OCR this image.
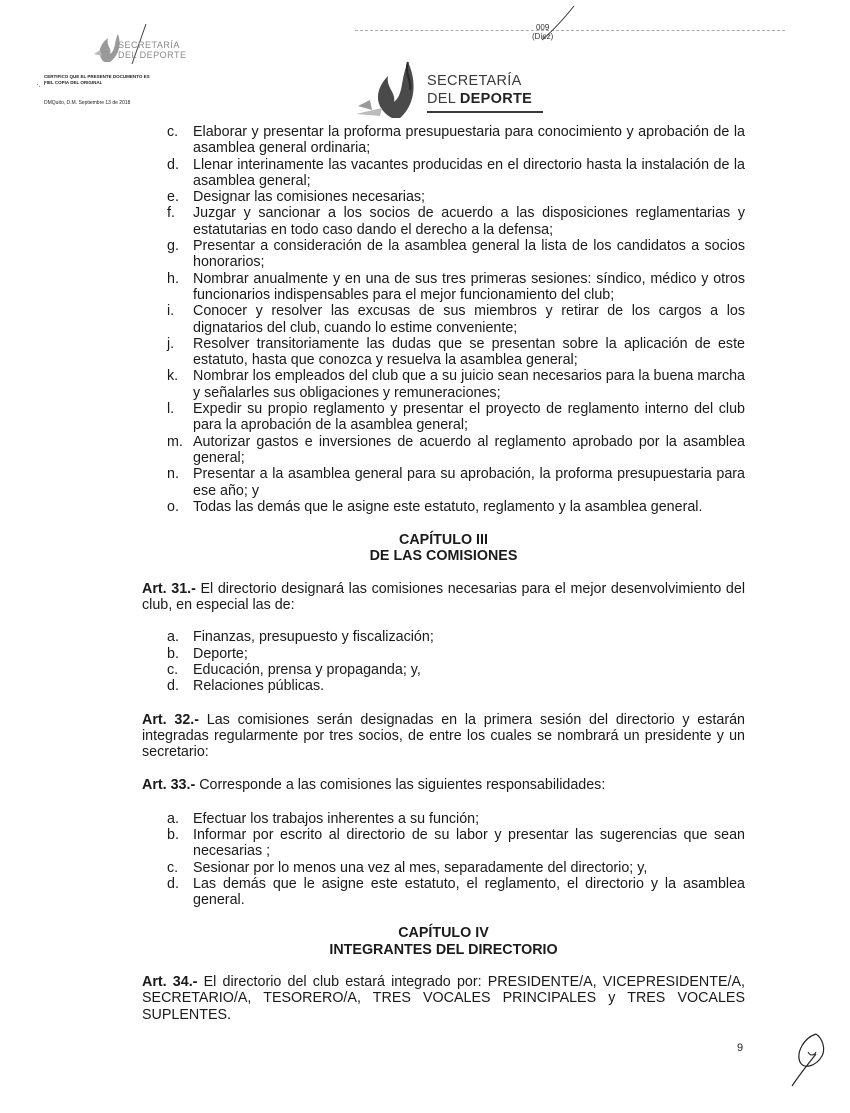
SECRETARÍA
DEL DEPORTE
CERTIFICO QUE EL PRESENTE DOCUMENTO ES FIEL COPIA DEL ORIGINAL
DMQuito, D.M. Septiembre 13 de 2018
·. ·
009
(Diez)
SECRETARÍA
DEL DEPORTE
c. Elaborar y presentar la proforma presupuestaria para conocimiento y aprobación de la asamblea general ordinaria;
d. Llenar interinamente las vacantes producidas en el directorio hasta la instalación de la asamblea general;
e. Designar las comisiones necesarias;
f. Juzgar y sancionar a los socios de acuerdo a las disposiciones reglamentarias y estatutarias en todo caso dando el derecho a la defensa;
g. Presentar a consideración de la asamblea general la lista de los candidatos a socios honorarios;
h. Nombrar anualmente y en una de sus tres primeras sesiones: síndico, médico y otros funcionarios indispensables para el mejor funcionamiento del club;
i. Conocer y resolver las excusas de sus miembros y retirar de los cargos a los dignatarios del club, cuando lo estime conveniente;
j. Resolver transitoriamente las dudas que se presentan sobre la aplicación de este estatuto, hasta que conozca y resuelva la asamblea general;
k. Nombrar los empleados del club que a su juicio sean necesarios para la buena marcha y señalarles sus obligaciones y remuneraciones;
l. Expedir su propio reglamento y presentar el proyecto de reglamento interno del club para la aprobación de la asamblea general;
m. Autorizar gastos e inversiones de acuerdo al reglamento aprobado por la asamblea general;
n. Presentar a la asamblea general para su aprobación, la proforma presupuestaria para ese año; y
o. Todas las demás que le asigne este estatuto, reglamento y la asamblea general.

CAPÍTULO III

DE LAS COMISIONES

Art. 31.- El directorio designará las comisiones necesarias para el mejor desenvolvimiento del club, en especial las de:

a. Finanzas, presupuesto y fiscalización;
b. Deporte;
c. Educación, prensa y propaganda; y,
d. Relaciones públicas.

Art. 32.- Las comisiones serán designadas en la primera sesión del directorio y estarán integradas regularmente por tres socios, de entre los cuales se nombrará un presidente y un secretario:

Art. 33.- Corresponde a las comisiones las siguientes responsabilidades:

a. Efectuar los trabajos inherentes a su función;
b. Informar por escrito al directorio de su labor y presentar las sugerencias que sean necesarias ;
c. Sesionar por lo menos una vez al mes, separadamente del directorio; y,
d. Las demás que le asigne este estatuto, el reglamento, el directorio y la asamblea general.

CAPÍTULO IV

INTEGRANTES DEL DIRECTORIO

Art. 34.- El directorio del club estará integrado por: PRESIDENTE/A, VICEPRESIDENTE/A, SECRETARIO/A, TESORERO/A, TRES VOCALES PRINCIPALES y TRES VOCALES SUPLENTES.

9
